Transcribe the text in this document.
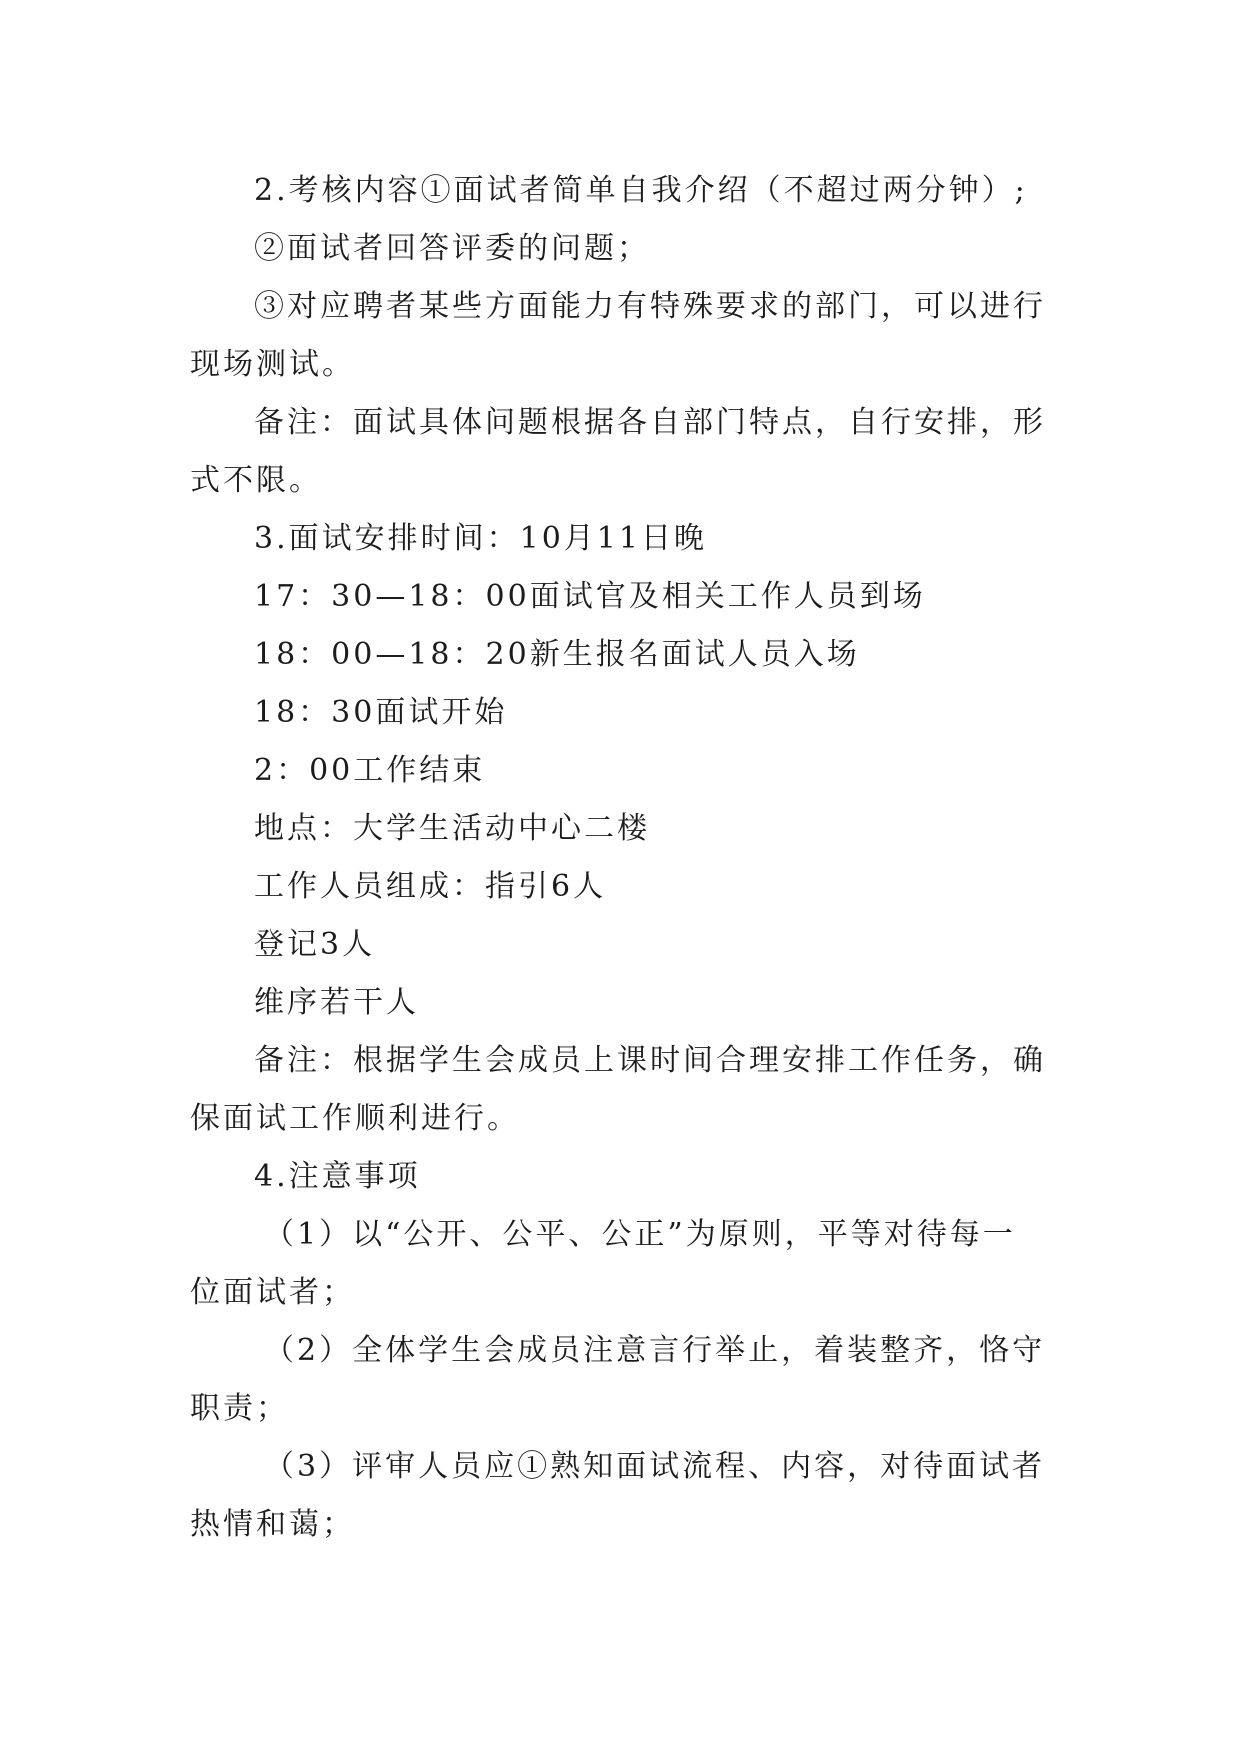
2.考核内容①面试者简单自我介绍（不超过两分钟）;
②面试者回答评委的问题；
③对应聘者某些方面能力有特殊要求的部门，可以进行
现场测试。
备注：面试具体问题根据各自部门特点，自行安排，形
式不限。
3.面试安排时间：10月11日晚
17：30—18：00面试官及相关工作人员到场
18：00—18：20新生报名面试人员入场
18：30面试开始
2：00工作结束
地点：大学生活动中心二楼
工作人员组成：指引6人
登记3人
维序若干人
备注：根据学生会成员上课时间合理安排工作任务，确
保面试工作顺利进行。
4.注意事项
（1）以“公开、公平、公正”为原则，平等对待每一
位面试者；
（2）全体学生会成员注意言行举止，着装整齐，恪守
职责；
（3）评审人员应①熟知面试流程、内容，对待面试者
热情和蔼；
